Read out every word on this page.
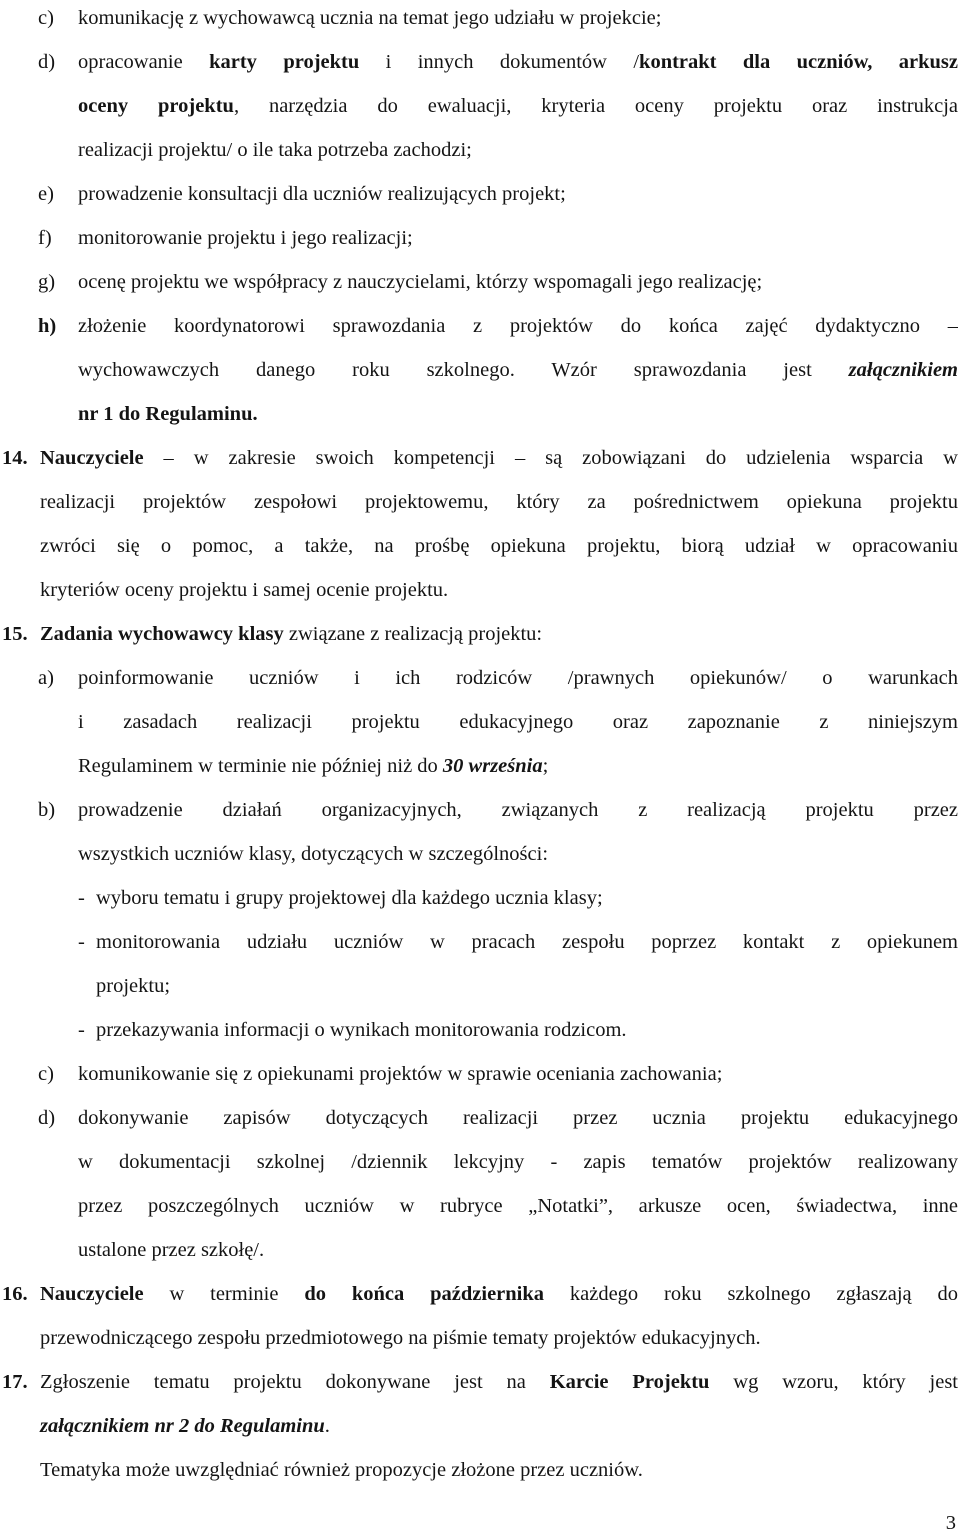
3
c) komunikację z wychowawcą ucznia na temat jego udziału w projekcie;
d) opracowanie karty projektu i innych dokumentów /kontrakt dla uczniów, arkusz
oceny projektu, narzędzia do ewaluacji, kryteria oceny projektu oraz instrukcja
realizacji projektu/ o ile taka potrzeba zachodzi;
e) prowadzenie konsultacji dla uczniów realizujących projekt;
f) monitorowanie projektu i jego realizacji;
g) ocenę projektu we współpracy z nauczycielami, którzy wspomagali jego realizację;
h) złożenie koordynatorowi sprawozdania z projektów do końca zajęć dydaktyczno –
wychowawczych danego roku szkolnego. Wzór sprawozdania jest załącznikiem
nr 1 do Regulaminu.
14. Nauczyciele – w zakresie swoich kompetencji – są zobowiązani do udzielenia wsparcia w
realizacji projektów zespołowi projektowemu, który za pośrednictwem opiekuna projektu
zwróci się o pomoc, a także, na prośbę opiekuna projektu, biorą udział w opracowaniu
kryteriów oceny projektu i samej ocenie projektu.
15. Zadania wychowawcy klasy związane z realizacją projektu:
a) poinformowanie uczniów i ich rodziców /prawnych opiekunów/ o warunkach
i zasadach realizacji projektu edukacyjnego oraz zapoznanie z niniejszym
Regulaminem w terminie nie później niż do 30 września;
b) prowadzenie działań organizacyjnych, związanych z realizacją projektu przez
wszystkich uczniów klasy, dotyczących w szczególności:
- wyboru tematu i grupy projektowej dla każdego ucznia klasy;
- monitorowania udziału uczniów w pracach zespołu poprzez kontakt z opiekunem
projektu;
- przekazywania informacji o wynikach monitorowania rodzicom.
c) komunikowanie się z opiekunami projektów w sprawie oceniania zachowania;
d) dokonywanie zapisów dotyczących realizacji przez ucznia projektu edukacyjnego
w dokumentacji szkolnej /dziennik lekcyjny - zapis tematów projektów realizowany
przez poszczególnych uczniów w rubryce „Notatki”, arkusze ocen, świadectwa, inne
ustalone przez szkołę/.
16. Nauczyciele w terminie do końca października każdego roku szkolnego zgłaszają do
przewodniczącego zespołu przedmiotowego na piśmie tematy projektów edukacyjnych.
17. Zgłoszenie tematu projektu dokonywane jest na Karcie Projektu wg wzoru, który jest
załącznikiem nr 2 do Regulaminu.
Tematyka może uwzględniać również propozycje złożone przez uczniów.
